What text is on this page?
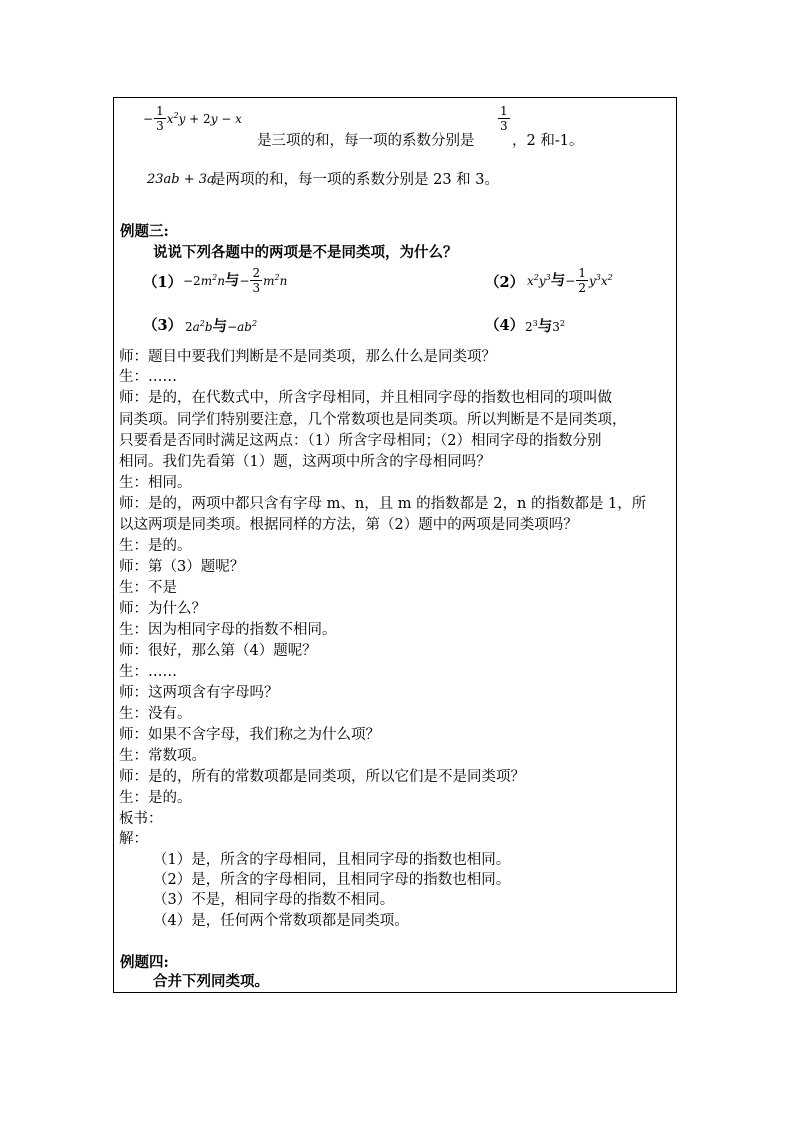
− $\frac{1}{3} x^2y + 2y - x$
是三项的和，每一项的系数分别是
$\frac{1}{3}$
，2 和-1。
23ab + 3a
是两项的和，每一项的系数分别是 23 和 3。
例题三:
说说下列各题中的两项是不是同类项，为什么？
$(1) -2m^2n$与− $\frac{2}{3} m^2n$	（2） $x^2y^3$与− $\frac{1}{2} y^3x^2$
（3） $2a^2b$与$-ab^2$	（4） $2^3$与$3^2$
师：题目中要我们判断是不是同类项，那么什么是同类项？
生：……
师：是的，在代数式中，所含字母相同，并且相同字母的指数也相同的项叫做
同类项。同学们特别要注意，几个常数项也是同类项。所以判断是不是同类项，
只要看是否同时满足这两点：（1）所含字母相同；（2）相同字母的指数分别
相同。我们先看第（1）题，这两项中所含的字母相同吗？
生：相同。
师：是的，两项中都只含有字母 m、n，且 m 的指数都是 2，n 的指数都是 1，所
以这两项是同类项。根据同样的方法，第（2）题中的两项是同类项吗？
生：是的。
师：第（3）题呢？
生：不是
师：为什么？
生：因为相同字母的指数不相同。
师：很好，那么第（4）题呢？
生：……
师：这两项含有字母吗？
生：没有。
师：如果不含字母，我们称之为什么项？
生：常数项。
师：是的，所有的常数项都是同类项，所以它们是不是同类项？
生：是的。
板书：
解：
（1）是，所含的字母相同，且相同字母的指数也相同。
（2）是，所含的字母相同，且相同字母的指数也相同。
（3）不是，相同字母的指数不相同。
（4）是，任何两个常数项都是同类项。
例题四:
合并下列同类项。
